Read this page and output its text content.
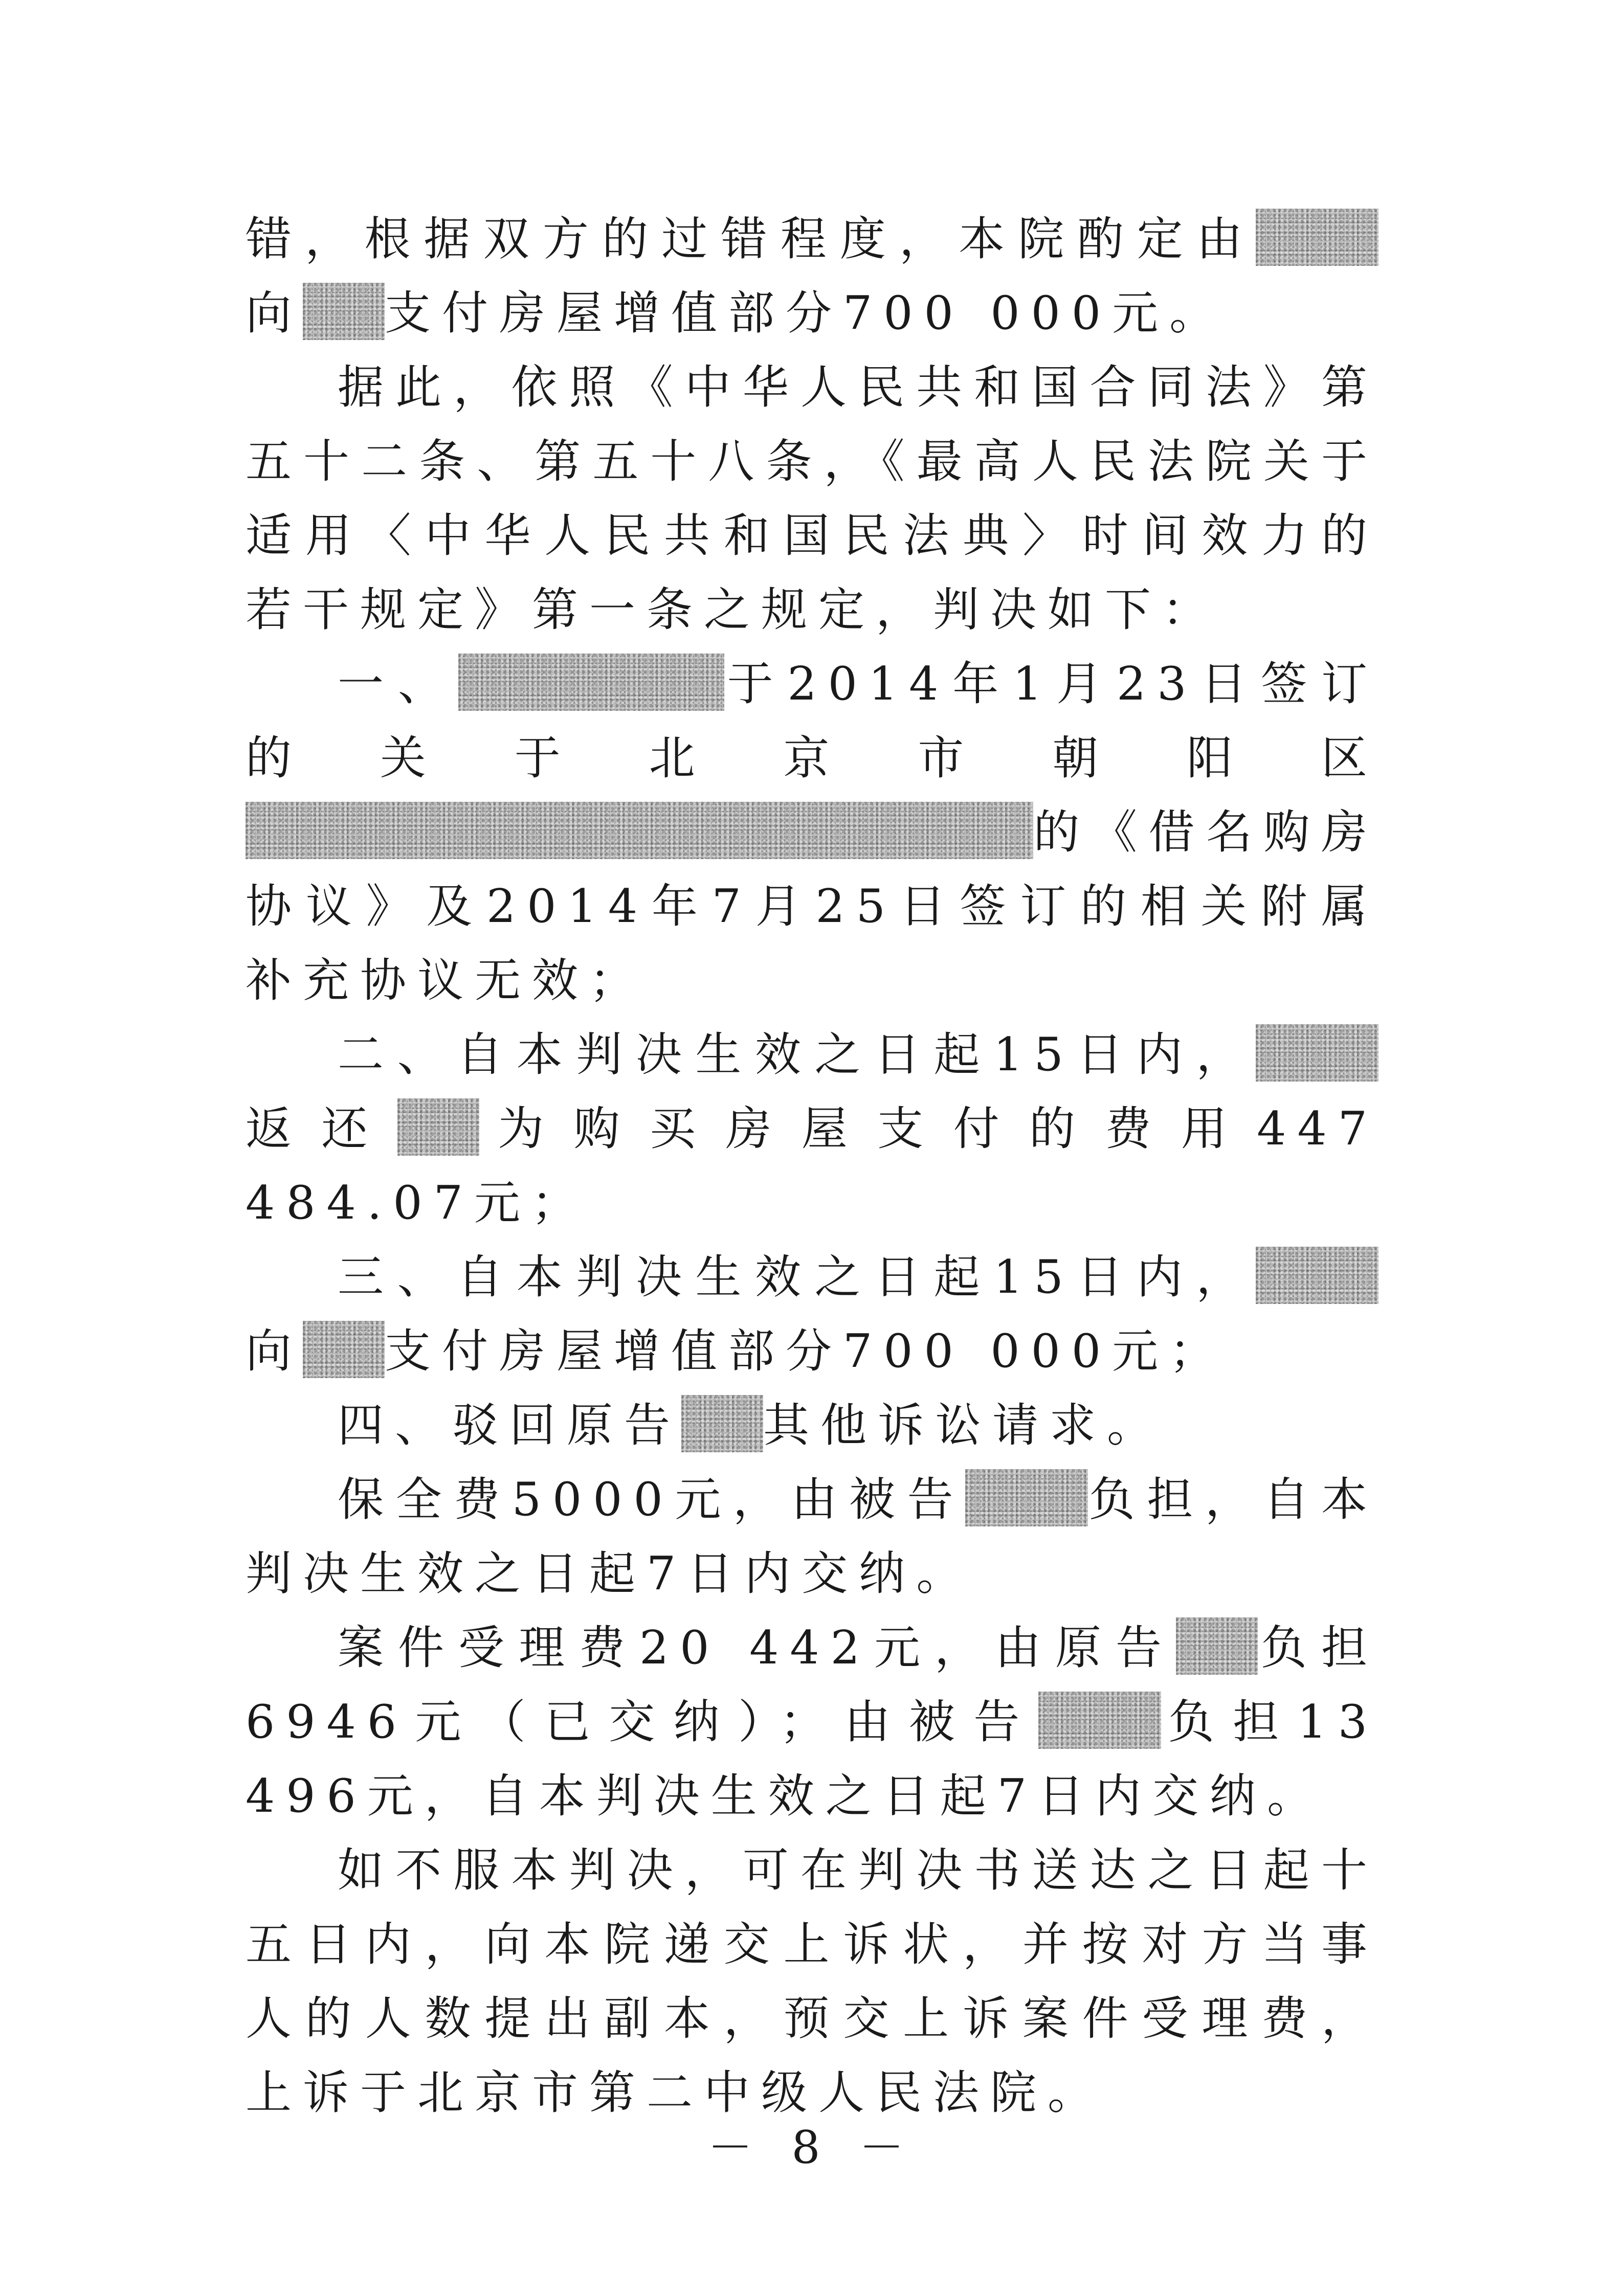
错，根据双方的过错程度，本院酌定由向 支付房屋增值部分700 000元。

据此，依照《中华人民共和国合同法》第五十二条、第五十八条，《最高人民法院关于适用〈中华人民共和国民法典〉时间效力的若干规定》第一条之规定，判决如下：

一、	于2014年1月23日签订的关于北京市朝阳区的《借名购房协议》及2014年7月25日签订的相关附属补充协议无效；

二、自本判决生效之日起15日内，返还 为购买房屋支付的费用447 484.07元；

三、自本判决生效之日起15日内，向 支付房屋增值部分700 000元；

四、驳回原告 其他诉讼请求。

保全费5000元，由被告	负担，自本判决生效之日起7日内交纳。

案件受理费20 442元，由原告 负担6946元（已交纳）；由被告	负担13 496元，自本判决生效之日起7日内交纳。

如不服本判决，可在判决书送达之日起十五日内，向本院递交上诉状，并按对方当事人的人数提出副本，预交上诉案件受理费，上诉于北京市第二中级人民法院。

－ 8 －
